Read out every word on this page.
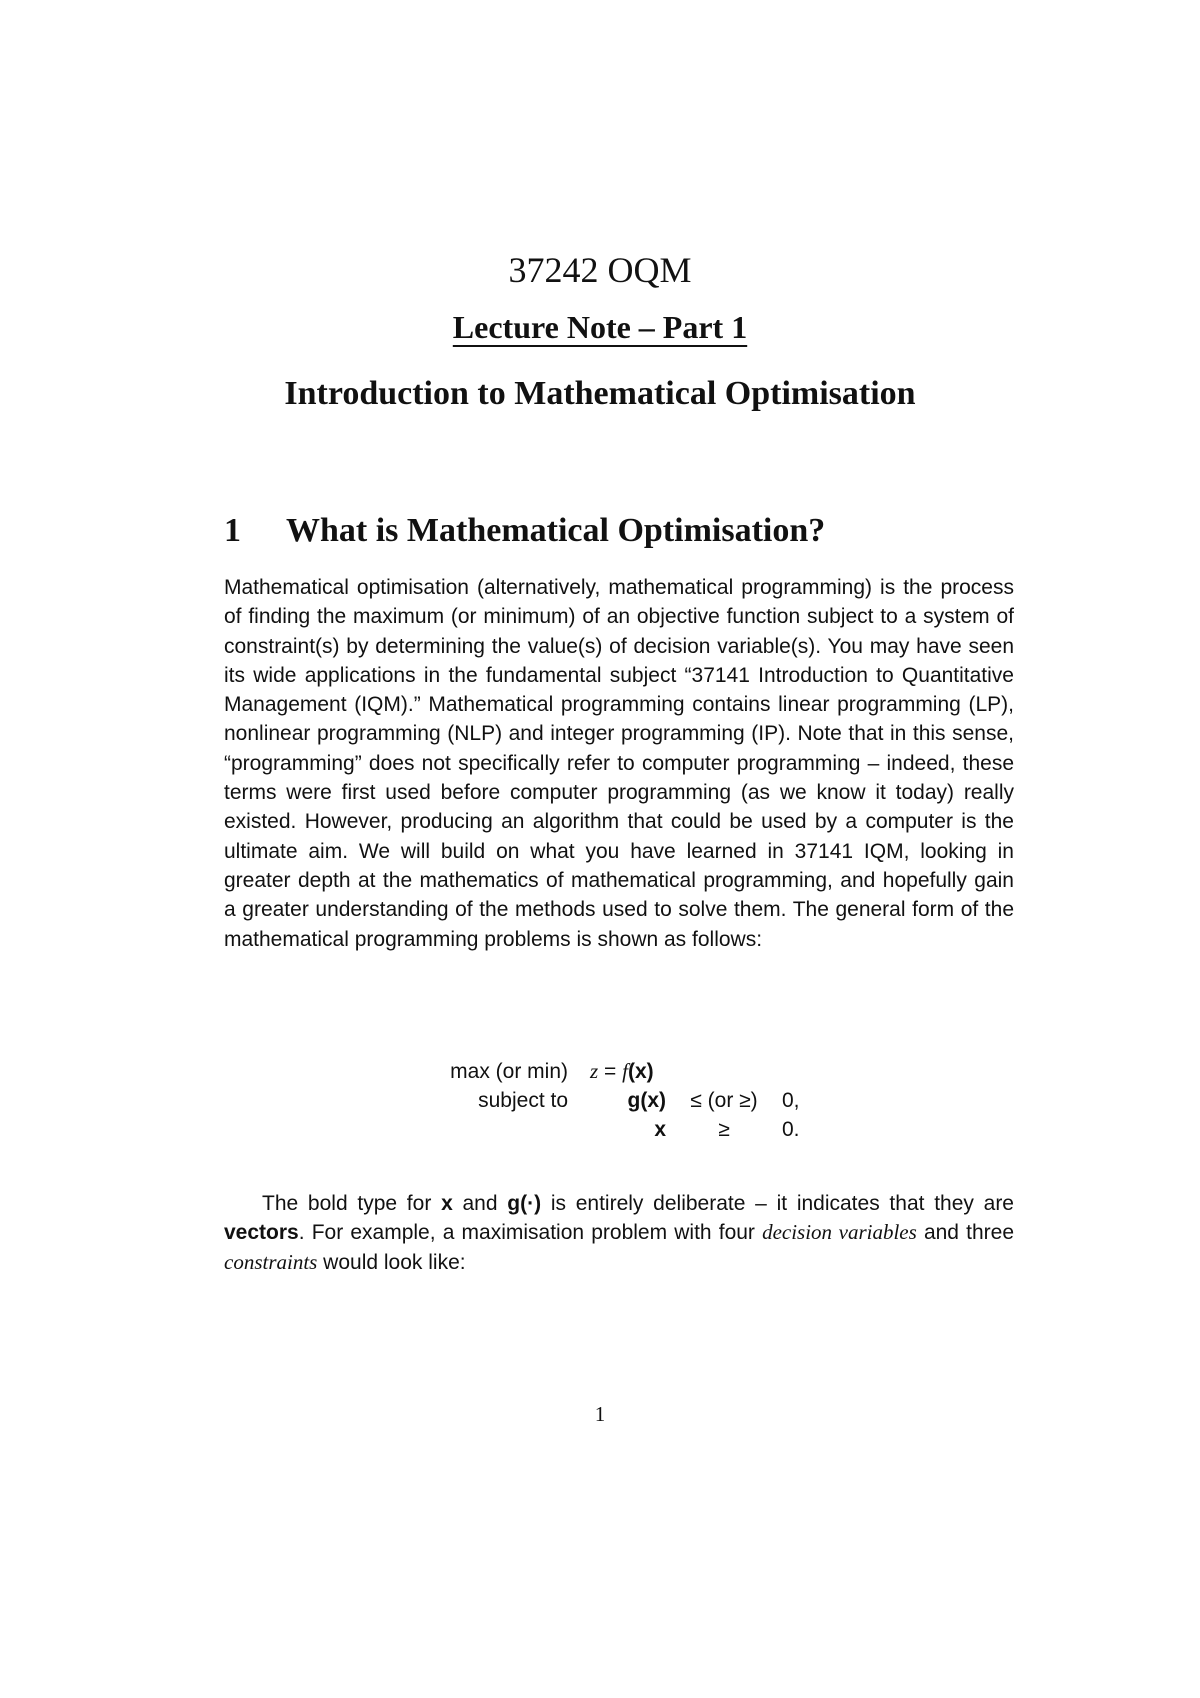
37242 OQM
Lecture Note – Part 1
Introduction to Mathematical Optimisation
1 What is Mathematical Optimisation?
Mathematical optimisation (alternatively, mathematical programming) is the process of finding the maximum (or minimum) of an objective function subject to a system of constraint(s) by determining the value(s) of decision variable(s). You may have seen its wide applications in the fundamental subject “37141 Introduction to Quantitative Management (IQM).” Mathematical programming contains linear programming (LP), nonlinear programming (NLP) and integer programming (IP). Note that in this sense, “programming” does not specifically refer to computer programming – indeed, these terms were first used before computer programming (as we know it today) really existed. However, producing an algorithm that could be used by a computer is the ultimate aim. We will build on what you have learned in 37141 IQM, looking in greater depth at the mathematics of mathematical programming, and hopefully gain a greater understanding of the methods used to solve them. The general form of the mathematical programming problems is shown as follows:
max (or min)	z = f(x)		
subject to	g(x)	≤ (or ≥)	0,
	x	≥	0.
The bold type for x and g(·) is entirely deliberate – it indicates that they are vectors. For example, a maximisation problem with four decision variables and three constraints would look like:
1
